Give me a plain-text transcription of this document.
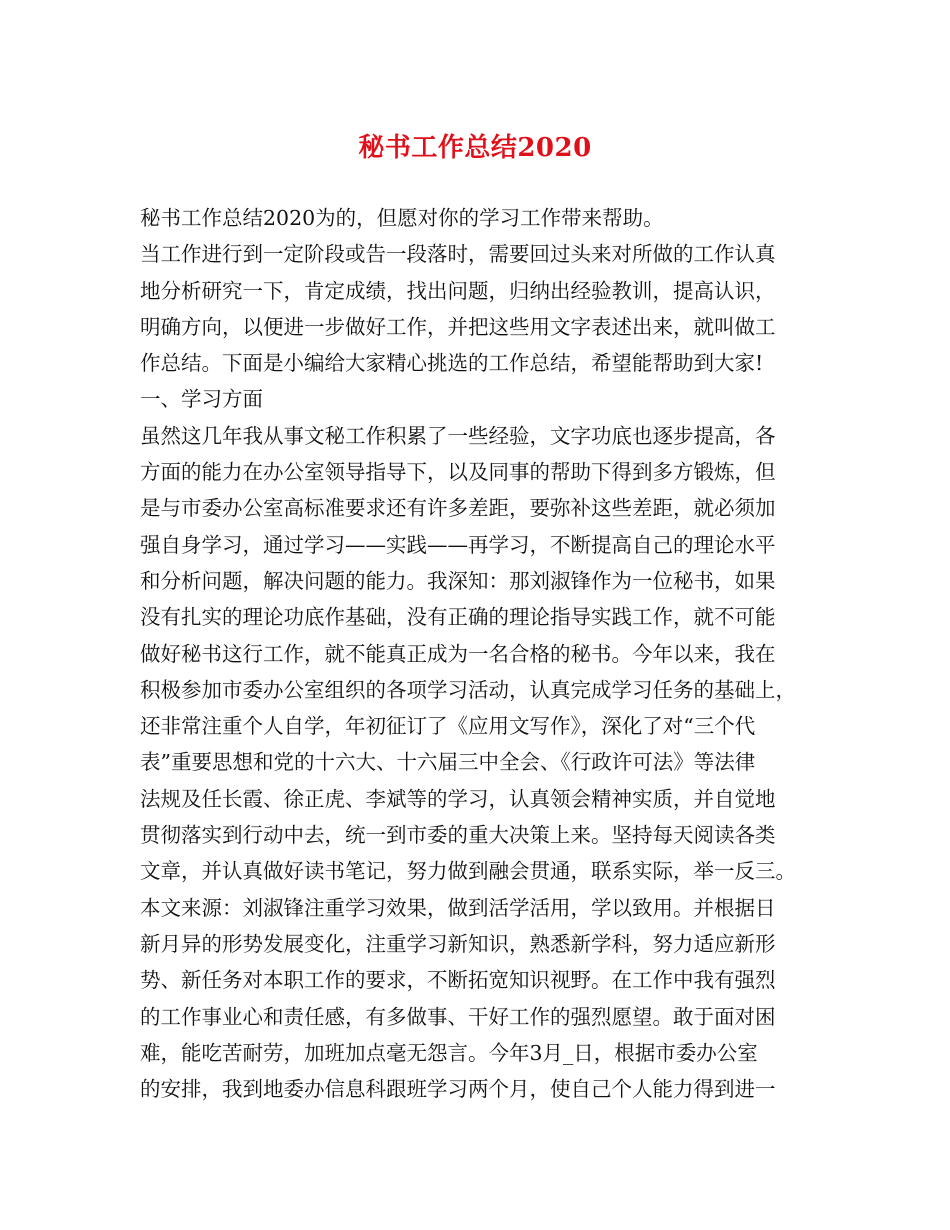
秘书工作总结2020
秘书工作总结2020为的，但愿对你的学习工作带来帮助。
当工作进行到一定阶段或告一段落时，需要回过头来对所做的工作认真
地分析研究一下，肯定成绩，找出问题，归纳出经验教训，提高认识，
明确方向，以便进一步做好工作，并把这些用文字表述出来，就叫做工
作总结。下面是小编给大家精心挑选的工作总结，希望能帮助到大家!
一、学习方面
虽然这几年我从事文秘工作积累了一些经验，文字功底也逐步提高，各
方面的能力在办公室领导指导下，以及同事的帮助下得到多方锻炼，但
是与市委办公室高标准要求还有许多差距，要弥补这些差距，就必须加
强自身学习，通过学习——实践——再学习，不断提高自己的理论水平
和分析问题，解决问题的能力。我深知：那刘淑锋作为一位秘书，如果
没有扎实的理论功底作基础，没有正确的理论指导实践工作，就不可能
做好秘书这行工作，就不能真正成为一名合格的秘书。今年以来，我在
积极参加市委办公室组织的各项学习活动，认真完成学习任务的基础上，
还非常注重个人自学，年初征订了《应用文写作》，深化了对“三个代
表”重要思想和党的十六大、十六届三中全会、《行政许可法》等法律
法规及任长霞、徐正虎、李斌等的学习，认真领会精神实质，并自觉地
贯彻落实到行动中去，统一到市委的重大决策上来。坚持每天阅读各类
文章，并认真做好读书笔记，努力做到融会贯通，联系实际，举一反三。
本文来源：刘淑锋注重学习效果，做到活学活用，学以致用。并根据日
新月异的形势发展变化，注重学习新知识，熟悉新学科，努力适应新形
势、新任务对本职工作的要求，不断拓宽知识视野。在工作中我有强烈
的工作事业心和责任感，有多做事、干好工作的强烈愿望。敢于面对困
难，能吃苦耐劳，加班加点毫无怨言。今年3月_日，根据市委办公室
的安排，我到地委办信息科跟班学习两个月，使自己个人能力得到进一
